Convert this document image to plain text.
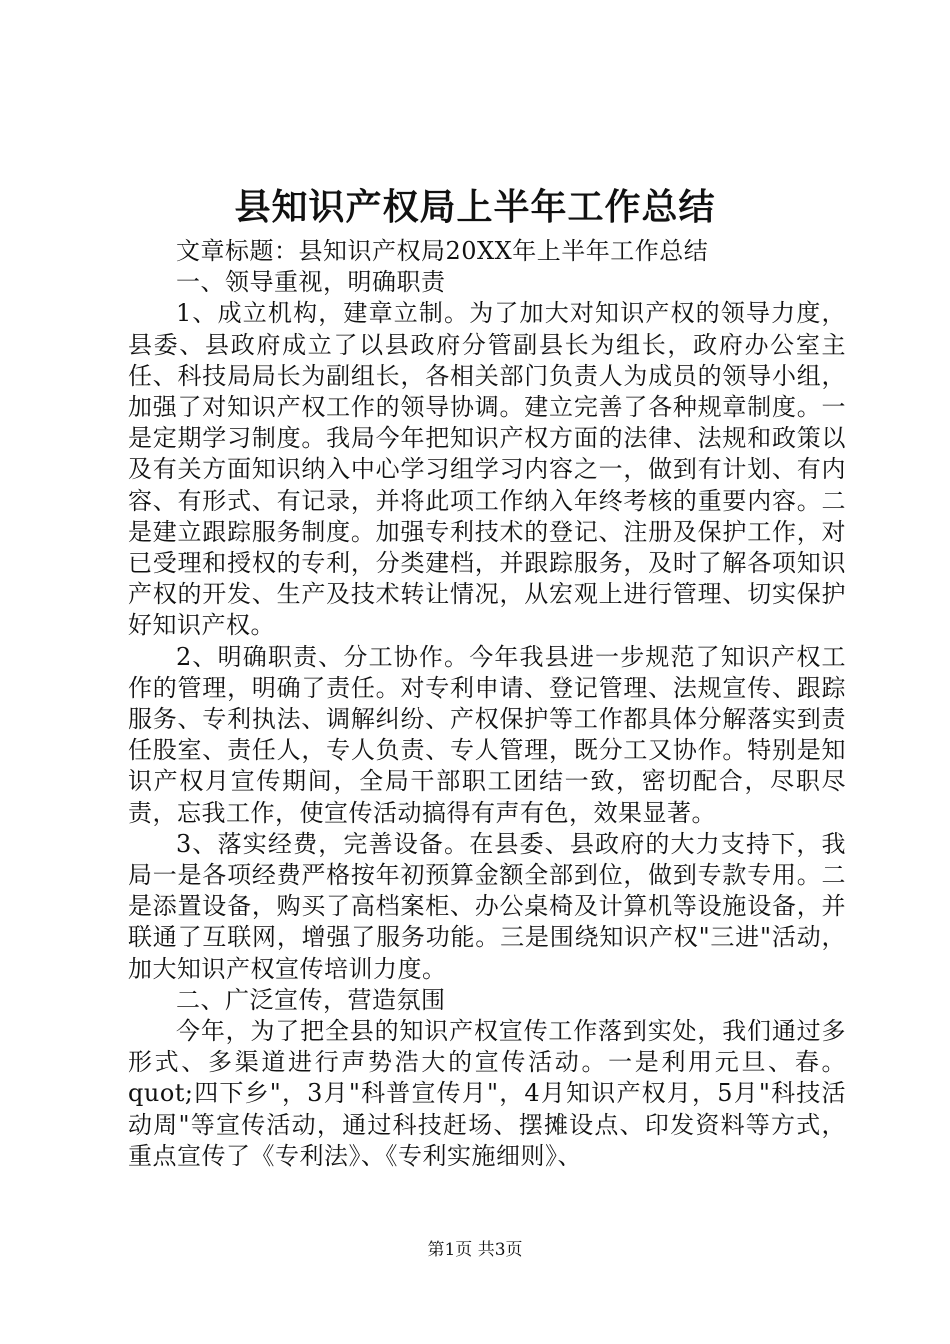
县知识产权局上半年工作总结

文章标题：县知识产权局20XX年上半年工作总结

一、领导重视，明确职责

1、成立机构，建章立制。为了加大对知识产权的领导力度，县委、县政府成立了以县政府分管副县长为组长，政府办公室主任、科技局局长为副组长，各相关部门负责人为成员的领导小组，加强了对知识产权工作的领导协调。建立完善了各种规章制度。一是定期学习制度。我局今年把知识产权方面的法律、法规和政策以及有关方面知识纳入中心学习组学习内容之一，做到有计划、有内容、有形式、有记录，并将此项工作纳入年终考核的重要内容。二是建立跟踪服务制度。加强专利技术的登记、注册及保护工作，对已受理和授权的专利，分类建档，并跟踪服务，及时了解各项知识产权的开发、生产及技术转让情况，从宏观上进行管理、切实保护好知识产权。

2、明确职责、分工协作。今年我县进一步规范了知识产权工作的管理，明确了责任。对专利申请、登记管理、法规宣传、跟踪服务、专利执法、调解纠纷、产权保护等工作都具体分解落实到责任股室、责任人，专人负责、专人管理，既分工又协作。特别是知识产权月宣传期间，全局干部职工团结一致，密切配合，尽职尽责，忘我工作，使宣传活动搞得有声有色，效果显著。

3、落实经费，完善设备。在县委、县政府的大力支持下，我局一是各项经费严格按年初预算金额全部到位，做到专款专用。二是添置设备，购买了高档案柜、办公桌椅及计算机等设施设备，并联通了互联网，增强了服务功能。三是围绕知识产权"三进"活动，加大知识产权宣传培训力度。

二、广泛宣传，营造氛围

今年，为了把全县的知识产权宣传工作落到实处，我们通过多形式、多渠道进行声势浩大的宣传活动。一是利用元旦、春。quot;四下乡"，3月"科普宣传月"，4月知识产权月，5月"科技活动周"等宣传活动，通过科技赶场、摆摊设点、印发资料等方式，重点宣传了《专利法》、《专利实施细则》、

第1页 共3页
